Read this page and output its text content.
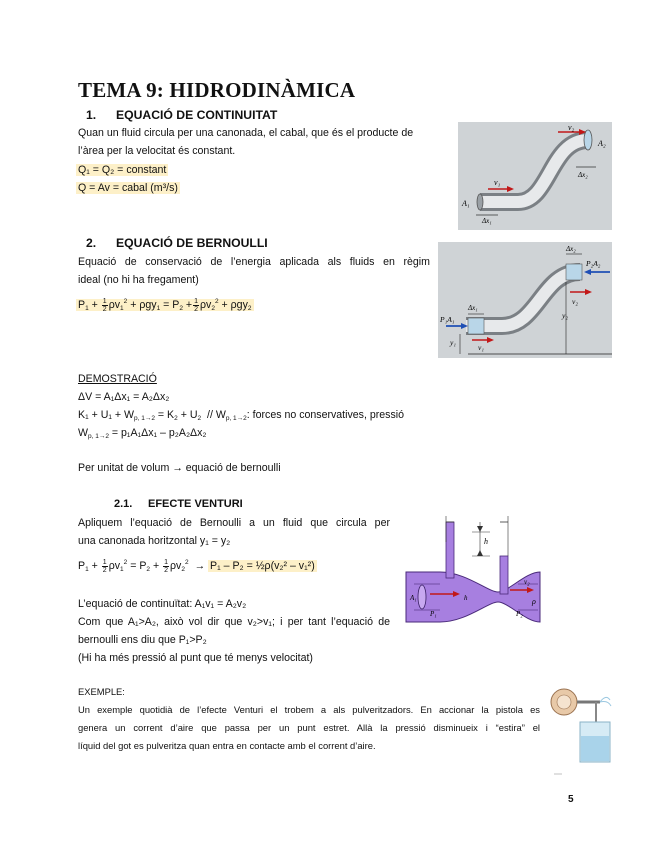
TEMA 9: HIDRODINÀMICA
1. EQUACIÓ DE CONTINUITAT
Quan un fluid circula per una canonada, el cabal, que és el producte de
l’àrea per la velocitat és constant.
Q₁ = Q₂ = constant
Q = Av = cabal (m³/s)
v₂
A₂
Δx₂
v₁
A₁
Δx₁
2. EQUACIÓ DE BERNOULLI
Equació de conservació de l’energia aplicada als fluids en règim
ideal (no hi ha fregament)
$P_1 + \frac{1}{2} \rho v_1^2 + \rho gy_1 = P_2 + \frac{1}{2} \rho v_2^2 + \rho gy_2$
Δx₂
P₂A₂
v₂
y₂
Δx₁
P₁A₁
y₁
v₁
DEMOSTRACIÓ
ΔV = A₁Δx₁ = A₂Δx₂
$K_1 + U_1 + W_{p, 1\to 2} = K_2 + U_2 // W_{p, 1\to 2}$: forces no conservatives, pressió
$W_{p, 1\to 2} = p_1A_1\Delta x_1 - p_2A_2\Delta x_2$
Per unitat de volum → equació de bernoulli
2.1. EFECTE VENTURI
Apliquem l’equació de Bernoulli a un fluid que circula per
una canonada horitzontal y₁ = y₂
$P_1 + \frac{1}{2} \rho v_1^2 = P_2 + \frac{1}{2} \rho v_2^2 \to P_1 - P_2$ = ½ρ(v₂² – v₁²)
L’equació de continuïtat: A₁v₁ = A₂v₂
Com que A₁>A₂, això vol dir que v₂>v₁; i per tant l’equació de
bernoulli ens diu que P₁>P₂
(Hi ha més pressió al punt que té menys velocitat)
h
A₁	h
v₂
ρ
P₁	P₂
EXEMPLE:
Un exemple quotidià de l’efecte Venturi el trobem a als pulveritzadors. En accionar la pistola es
genera un corrent d’aire que passa per un punt estret. Allà la pressió disminueix i “estira” el
líquid del got es pulveritza quan entra en contacte amb el corrent d’aire.
5
